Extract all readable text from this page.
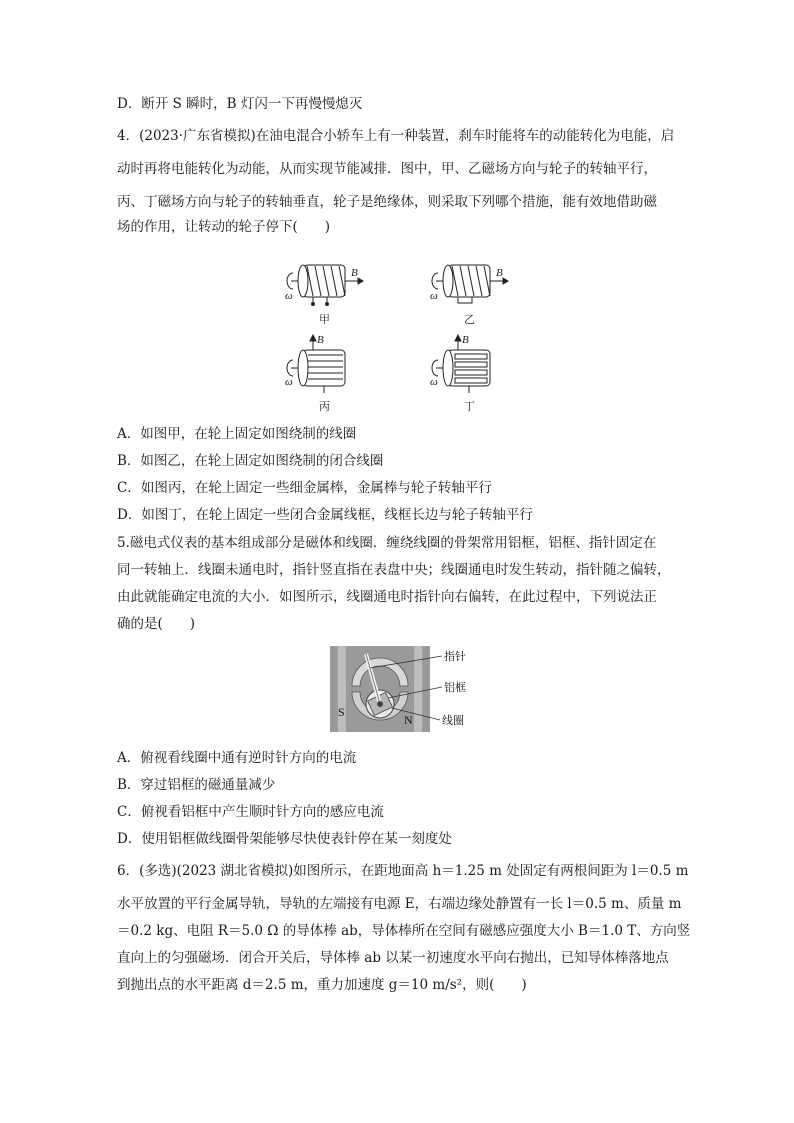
D．断开 S 瞬时，B 灯闪一下再慢慢熄灭
4．(2023·广东省模拟)在油电混合小轿车上有一种装置，刹车时能将车的动能转化为电能，启
动时再将电能转化为动能，从而实现节能减排．图中，甲、乙磁场方向与轮子的转轴平行，
丙、丁磁场方向与轮子的转轴垂直，轮子是绝缘体，则采取下列哪个措施，能有效地借助磁
场的作用，让转动的轮子停下(　　)
B	B
B	B
ω	ω
ω	ω
甲	乙
丙	丁
A．如图甲，在轮上固定如图绕制的线圈
B．如图乙，在轮上固定如图绕制的闭合线圈
C．如图丙，在轮上固定一些细金属棒，金属棒与轮子转轴平行
D．如图丁，在轮上固定一些闭合金属线框，线框长边与轮子转轴平行
5.磁电式仪表的基本组成部分是磁体和线圈．缠绕线圈的骨架常用铝框，铝框、指针固定在
同一转轴上．线圈未通电时，指针竖直指在表盘中央；线圈通电时发生转动，指针随之偏转，
由此就能确定电流的大小．如图所示，线圈通电时指针向右偏转，在此过程中，下列说法正
确的是(　　)
指针
铝框
线圈
S
N
A．俯视看线圈中通有逆时针方向的电流
B．穿过铝框的磁通量减少
C．俯视看铝框中产生顺时针方向的感应电流
D．使用铝框做线圈骨架能够尽快使表针停在某一刻度处
6．(多选)(2023 湖北省模拟)如图所示，在距地面高 h＝1.25 m 处固定有两根间距为 l＝0.5 m
水平放置的平行金属导轨，导轨的左端接有电源 E，右端边缘处静置有一长 l＝0.5 m、质量 m
＝0.2 kg、电阻 R＝5.0 Ω 的导体棒 ab，导体棒所在空间有磁感应强度大小 B＝1.0 T、方向竖
直向上的匀强磁场．闭合开关后，导体棒 ab 以某一初速度水平向右抛出，已知导体棒落地点
到抛出点的水平距离 d＝2.5 m，重力加速度 g＝10 m/s²，则(　　)
